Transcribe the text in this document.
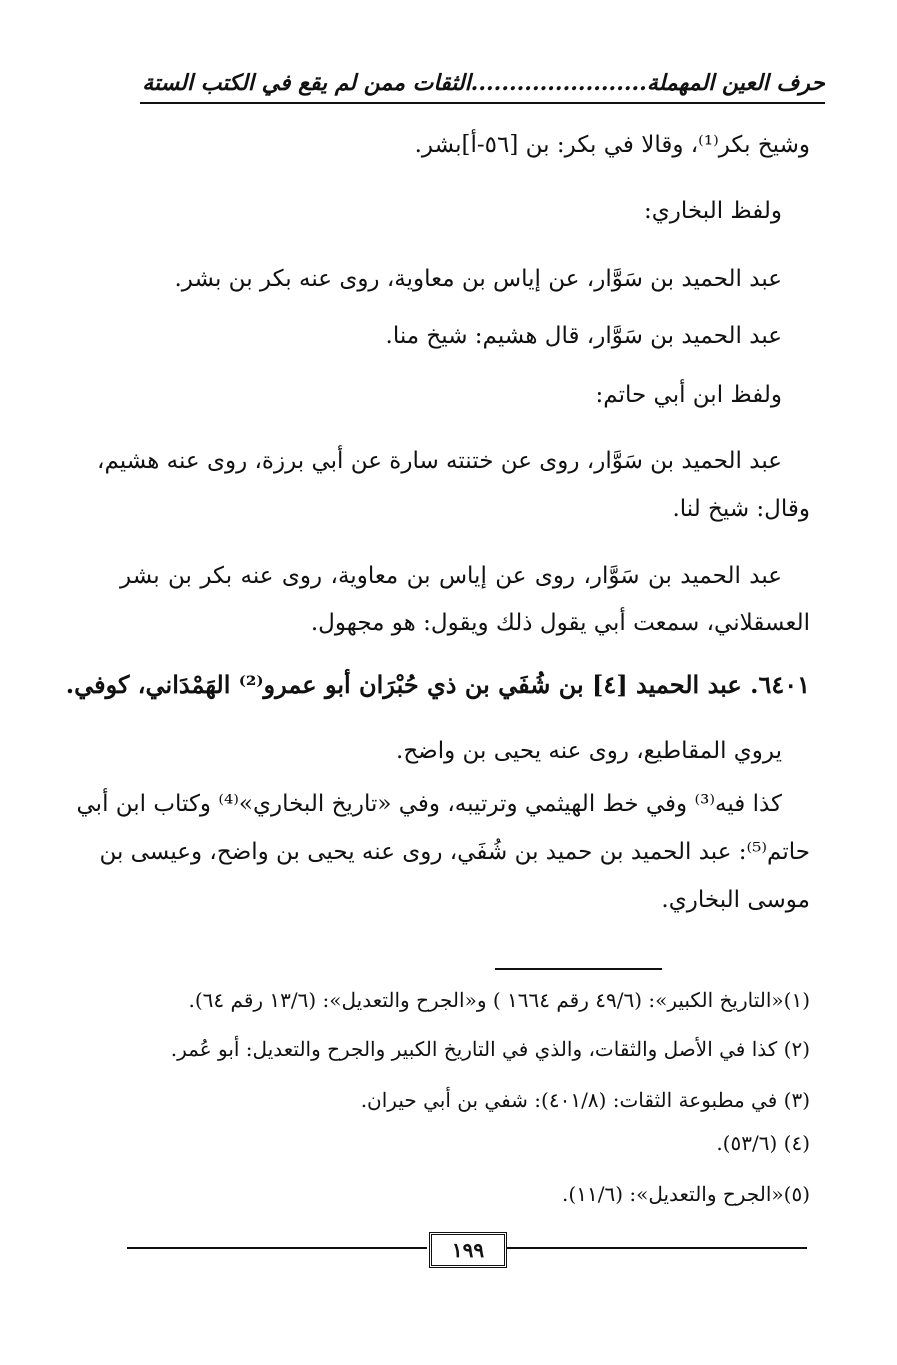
حرف العين المهملة.......................الثقات ممن لم يقع في الكتب الستة
وشيخ بكر⁽¹⁾، وقالا في بكر: بن [٥٦-أ]بشر.
ولفظ البخاري:
عبد الحميد بن سَوَّار، عن إياس بن معاوية، روى عنه بكر بن بشر.
عبد الحميد بن سَوَّار، قال هشيم: شيخ منا.
ولفظ ابن أبي حاتم:
عبد الحميد بن سَوَّار، روى عن ختنته سارة عن أبي برزة، روى عنه هشيم،
وقال: شيخ لنا.
عبد الحميد بن سَوَّار، روى عن إياس بن معاوية، روى عنه بكر بن بشر
العسقلاني، سمعت أبي يقول ذلك ويقول: هو مجهول.
٦٤٠١. عبد الحميد [٤] بن شُفَي بن ذي حُبْرَان أبو عمرو⁽²⁾ الهَمْدَاني، كوفي.
يروي المقاطيع، روى عنه يحيى بن واضح.
كذا فيه⁽³⁾ وفي خط الهيثمي وترتيبه، وفي «تاريخ البخاري»⁽⁴⁾ وكتاب ابن أبي
حاتم⁽⁵⁾: عبد الحميد بن حميد بن شُفَي، روى عنه يحيى بن واضح، وعيسى بن
موسى البخاري.
(١)«التاريخ الكبير»: (٤٩/٦ رقم ١٦٦٤ ) و«الجرح والتعديل»: (١٣/٦ رقم ٦٤).
(٢) كذا في الأصل والثقات، والذي في التاريخ الكبير والجرح والتعديل: أبو عُمر.
(٣) في مطبوعة الثقات: (٤٠١/٨): شفي بن أبي حيران.
(٤) (٥٣/٦).
(٥)«الجرح والتعديل»: (١١/٦).
١٩٩
